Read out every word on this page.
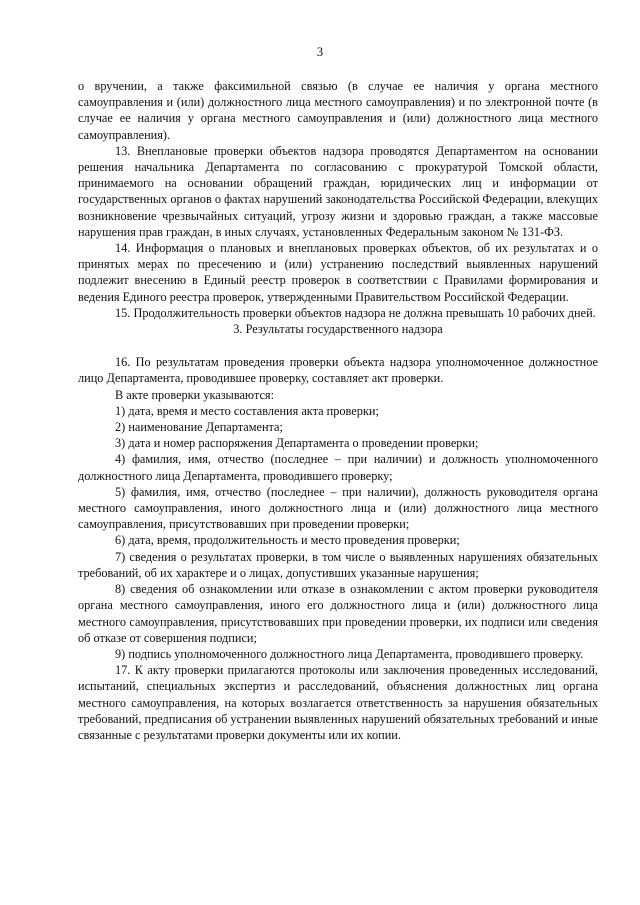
3

о вручении, а также факсимильной связью (в случае ее наличия у органа местного самоуправления и (или) должностного лица местного самоуправления) и по электронной почте (в случае ее наличия у органа местного самоуправления и (или) должностного лица местного самоуправления).

13. Внеплановые проверки объектов надзора проводятся Департаментом на основании решения начальника Департамента по согласованию с прокуратурой Томской области, принимаемого на основании обращений граждан, юридических лиц и информации от государственных органов о фактах нарушений законодательства Российской Федерации, влекущих возникновение чрезвычайных ситуаций, угрозу жизни и здоровью граждан, а также массовые нарушения прав граждан, в иных случаях, установленных Федеральным законом № 131-ФЗ.

14. Информация о плановых и внеплановых проверках объектов, об их результатах и о принятых мерах по пресечению и (или) устранению последствий выявленных нарушений подлежит внесению в Единый реестр проверок в соответствии с Правилами формирования и ведения Единого реестра проверок, утвержденными Правительством Российской Федерации.

15. Продолжительность проверки объектов надзора не должна превышать 10 рабочих дней.

3. Результаты государственного надзора

16. По результатам проведения проверки объекта надзора уполномоченное должностное лицо Департамента, проводившее проверку, составляет акт проверки.

В акте проверки указываются:

1) дата, время и место составления акта проверки;

2) наименование Департамента;

3) дата и номер распоряжения Департамента о проведении проверки;

4) фамилия, имя, отчество (последнее – при наличии) и должность уполномоченного должностного лица Департамента, проводившего проверку;

5) фамилия, имя, отчество (последнее – при наличии), должность руководителя органа местного самоуправления, иного должностного лица и (или) должностного лица местного самоуправления, присутствовавших при проведении проверки;

6) дата, время, продолжительность и место проведения проверки;

7) сведения о результатах проверки, в том числе о выявленных нарушениях обязательных требований, об их характере и о лицах, допустивших указанные нарушения;

8) сведения об ознакомлении или отказе в ознакомлении с актом проверки руководителя органа местного самоуправления, иного его должностного лица и (или) должностного лица местного самоуправления, присутствовавших при проведении проверки, их подписи или сведения об отказе от совершения подписи;

9) подпись уполномоченного должностного лица Департамента, проводившего проверку.

17. К акту проверки прилагаются протоколы или заключения проведенных исследований, испытаний, специальных экспертиз и расследований, объяснения должностных лиц органа местного самоуправления, на которых возлагается ответственность за нарушения обязательных требований, предписания об устранении выявленных нарушений обязательных требований и иные связанные с результатами проверки документы или их копии.
